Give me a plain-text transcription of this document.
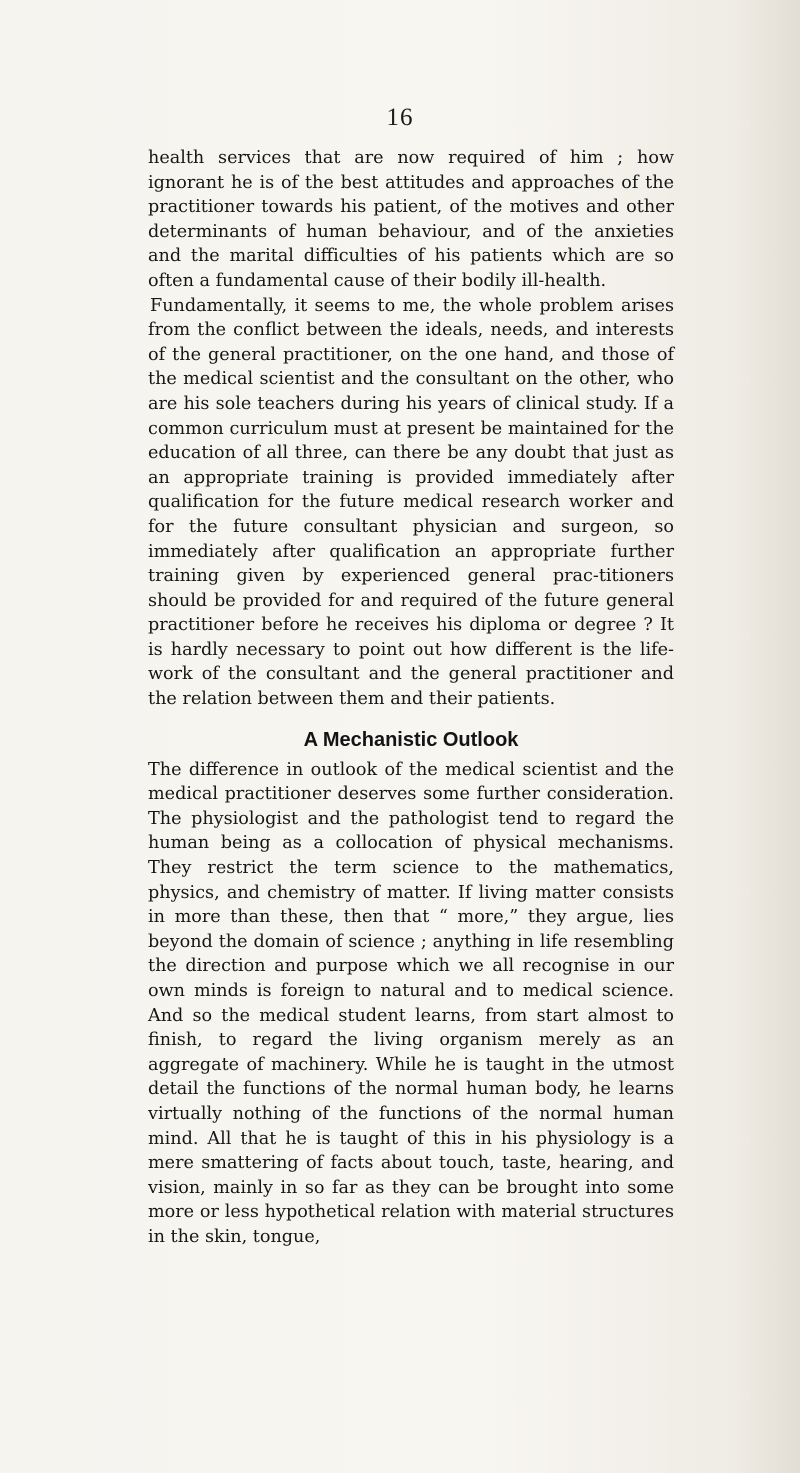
16

health services that are now required of him ; how ignorant he is of the best attitudes and approaches of the practitioner towards his patient, of the motives and other determinants of human behaviour, and of the anxieties and the marital difficulties of his patients which are so often a fundamental cause of their bodily ill-health.

Fundamentally, it seems to me, the whole problem arises from the conflict between the ideals, needs, and interests of the general practitioner, on the one hand, and those of the medical scientist and the consultant on the other, who are his sole teachers during his years of clinical study. If a common curriculum must at present be maintained for the education of all three, can there be any doubt that just as an appropriate training is provided immediately after qualification for the future medical research worker and for the future consultant physician and surgeon, so immediately after qualification an appropriate further training given by experienced general prac-titioners should be provided for and required of the future general practitioner before he receives his diploma or degree ? It is hardly necessary to point out how different is the life-work of the consultant and the general practitioner and the relation between them and their patients.

A Mechanistic Outlook

The difference in outlook of the medical scientist and the medical practitioner deserves some further consideration. The physiologist and the pathologist tend to regard the human being as a collocation of physical mechanisms. They restrict the term science to the mathematics, physics, and chemistry of matter. If living matter consists in more than these, then that “ more,” they argue, lies beyond the domain of science ; anything in life resembling the direction and purpose which we all recognise in our own minds is foreign to natural and to medical science. And so the medical student learns, from start almost to finish, to regard the living organism merely as an aggregate of machinery. While he is taught in the utmost detail the functions of the normal human body, he learns virtually nothing of the functions of the normal human mind. All that he is taught of this in his physiology is a mere smattering of facts about touch, taste, hearing, and vision, mainly in so far as they can be brought into some more or less hypothetical relation with material structures in the skin, tongue,
